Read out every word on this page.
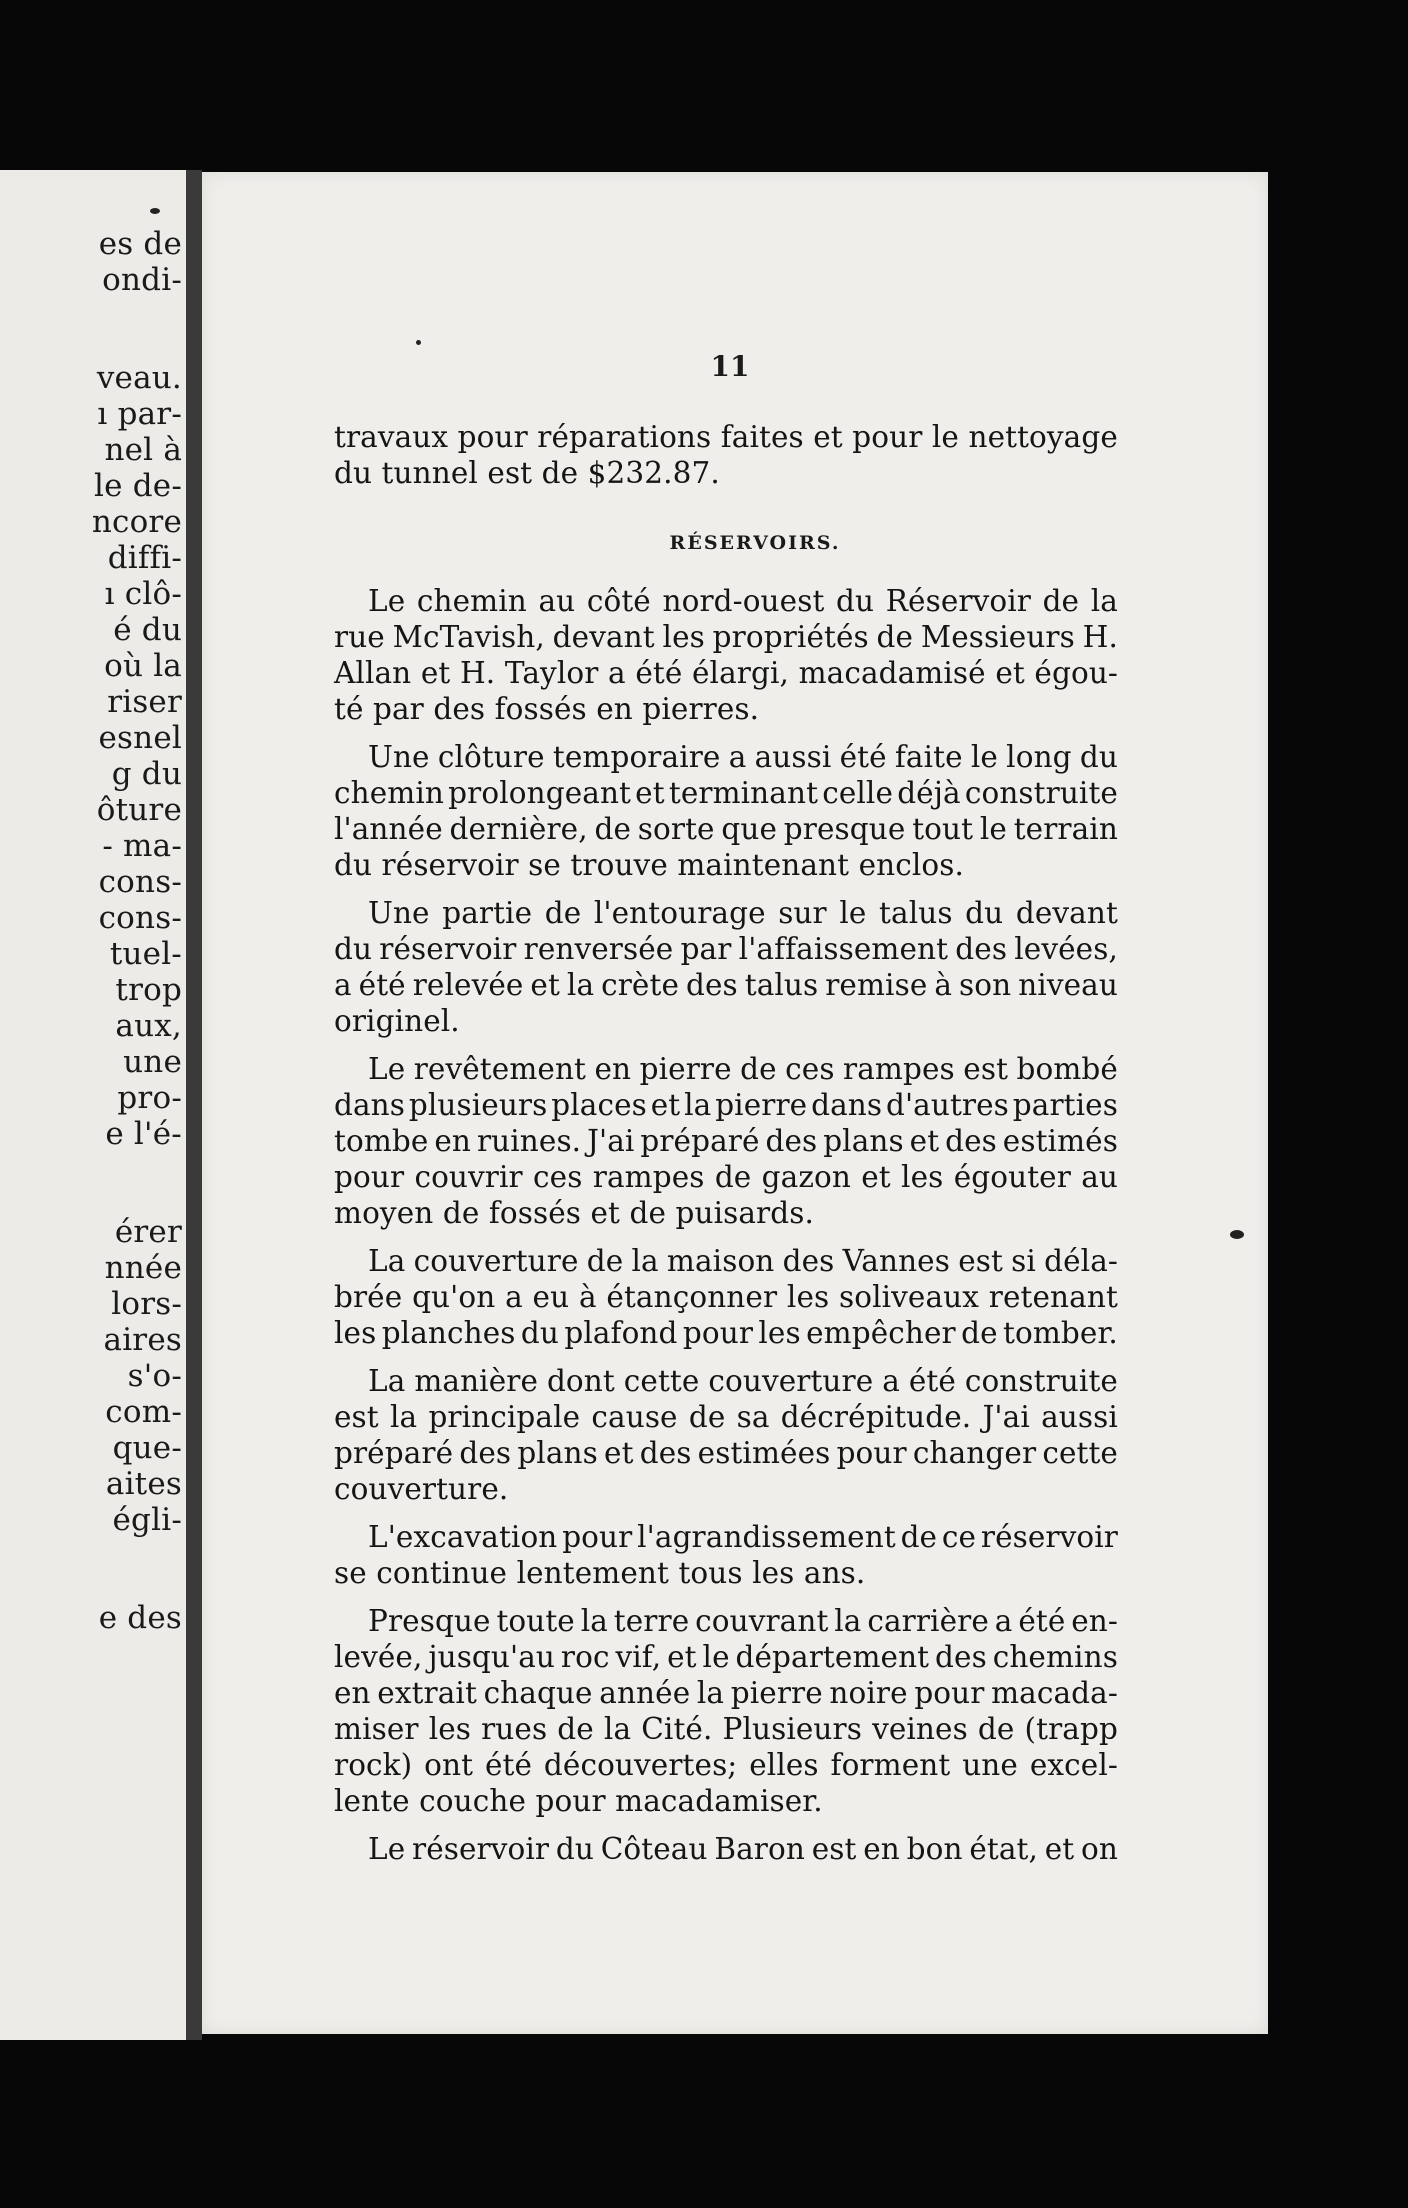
es de
ondi-
veau.
ı par-
nel à
le de-
ncore
diffi-
ı clô-
é du
où la
riser
esnel
g du
ôture
- ma-
cons-
cons-
tuel-
trop
aux,
une
pro-
e l'é-
érer
nnée
lors-
aires
s'o-
com-
que-
aites
égli-
e des
11
RÉSERVOIRS.
travaux pour réparations faites et pour le nettoyage
du tunnel est de $232.87.
Le chemin au côté nord-ouest du Réservoir de la
rue McTavish, devant les propriétés de Messieurs H.
Allan et H. Taylor a été élargi, macadamisé et égou-
té par des fossés en pierres.
Une clôture temporaire a aussi été faite le long du
chemin prolongeant et terminant celle déjà construite
l'année dernière, de sorte que presque tout le terrain
du réservoir se trouve maintenant enclos.
Une partie de l'entourage sur le talus du devant
du réservoir renversée par l'affaissement des levées,
a été relevée et la crète des talus remise à son niveau
originel.
Le revêtement en pierre de ces rampes est bombé
dans plusieurs places et la pierre dans d'autres parties
tombe en ruines. J'ai préparé des plans et des estimés
pour couvrir ces rampes de gazon et les égouter au
moyen de fossés et de puisards.
La couverture de la maison des Vannes est si déla-
brée qu'on a eu à étançonner les soliveaux retenant
les planches du plafond pour les empêcher de tomber.
La manière dont cette couverture a été construite
est la principale cause de sa décrépitude. J'ai aussi
préparé des plans et des estimées pour changer cette
couverture.
L'excavation pour l'agrandissement de ce réservoir
se continue lentement tous les ans.
Presque toute la terre couvrant la carrière a été en-
levée, jusqu'au roc vif, et le département des chemins
en extrait chaque année la pierre noire pour macada-
miser les rues de la Cité. Plusieurs veines de (trapp
rock) ont été découvertes; elles forment une excel-
lente couche pour macadamiser.
Le réservoir du Côteau Baron est en bon état, et on
